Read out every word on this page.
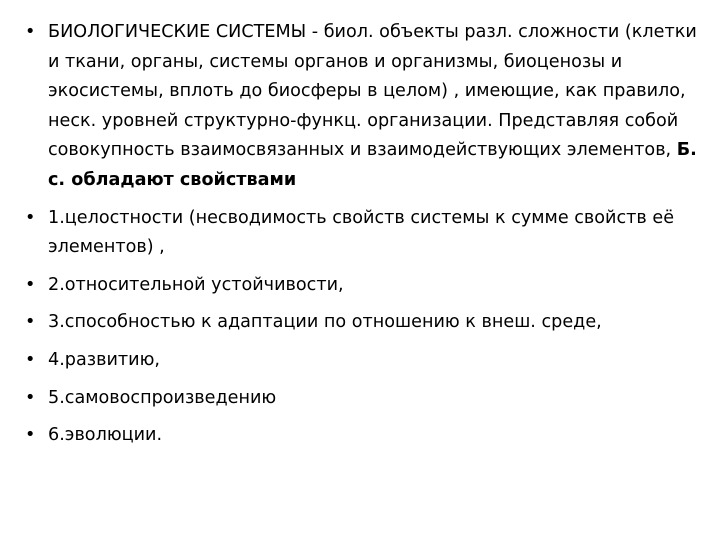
• БИОЛОГИЧЕСКИЕ СИСТЕМЫ - биол. объекты разл. сложности (клетки и ткани, органы, системы органов и организмы, биоценозы и экосистемы, вплоть до биосферы в целом) , имеющие, как правило, неск. уровней структурно-функц. организации. Представляя собой совокупность взаимосвязанных и взаимодействующих элементов, Б. с. обладают свойствами
• 1.целостности (несводимость свойств системы к сумме свойств её элементов) ,
• 2.относительной устойчивости,
• 3.способностью к адаптации по отношению к внеш. среде,
• 4.развитию,
• 5.самовоспроизведению
• 6.эволюции.
